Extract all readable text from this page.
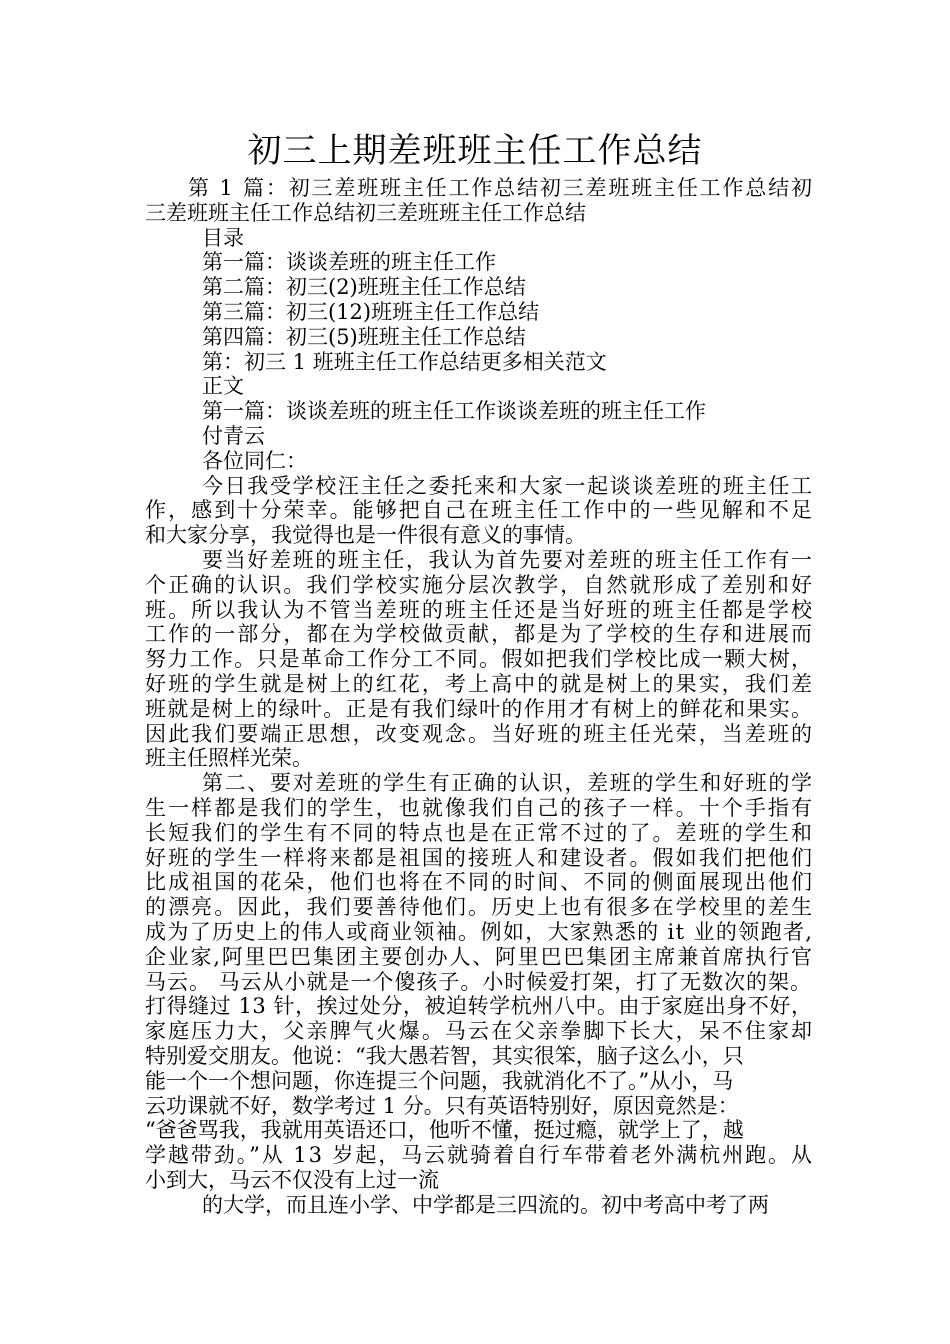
初三上期差班班主任工作总结
第 1 篇：初三差班班主任工作总结初三差班班主任工作总结初
三差班班主任工作总结初三差班班主任工作总结
目录
第一篇：谈谈差班的班主任工作
第二篇：初三(2)班班主任工作总结
第三篇：初三(12)班班主任工作总结
第四篇：初三(5)班班主任工作总结
第：初三 1 班班主任工作总结更多相关范文
正文
第一篇：谈谈差班的班主任工作谈谈差班的班主任工作
付青云
各位同仁：
今日我受学校汪主任之委托来和大家一起谈谈差班的班主任工
作，感到十分荣幸。能够把自己在班主任工作中的一些见解和不足
和大家分享，我觉得也是一件很有意义的事情。
要当好差班的班主任，我认为首先要对差班的班主任工作有一
个正确的认识。我们学校实施分层次教学，自然就形成了差别和好
班。所以我认为不管当差班的班主任还是当好班的班主任都是学校
工作的一部分，都在为学校做贡献，都是为了学校的生存和进展而
努力工作。只是革命工作分工不同。假如把我们学校比成一颗大树，
好班的学生就是树上的红花，考上高中的就是树上的果实，我们差
班就是树上的绿叶。正是有我们绿叶的作用才有树上的鲜花和果实。
因此我们要端正思想，改变观念。当好班的班主任光荣，当差班的
班主任照样光荣。
第二、要对差班的学生有正确的认识，差班的学生和好班的学
生一样都是我们的学生，也就像我们自己的孩子一样。十个手指有
长短我们的学生有不同的特点也是在正常不过的了。差班的学生和
好班的学生一样将来都是祖国的接班人和建设者。假如我们把他们
比成祖国的花朵，他们也将在不同的时间、不同的侧面展现出他们
的漂亮。因此，我们要善待他们。历史上也有很多在学校里的差生
成为了历史上的伟人或商业领袖。例如，大家熟悉的 it 业的领跑者,
企业家,阿里巴巴集团主要创办人、阿里巴巴集团主席兼首席执行官
马云。 马云从小就是一个傻孩子。小时候爱打架，打了无数次的架。
打得缝过 13 针，挨过处分，被迫转学杭州八中。由于家庭出身不好，
家庭压力大，父亲脾气火爆。马云在父亲拳脚下长大，呆不住家却
特别爱交朋友。他说：“我大愚若智，其实很笨，脑子这么小，只
能一个一个想问题，你连提三个问题，我就消化不了。”从小，马
云功课就不好，数学考过 1 分。只有英语特别好，原因竟然是：
“爸爸骂我，我就用英语还口，他听不懂，挺过瘾，就学上了，越
学越带劲。”从 13 岁起，马云就骑着自行车带着老外满杭州跑。从
小到大，马云不仅没有上过一流
的大学，而且连小学、中学都是三四流的。初中考高中考了两
